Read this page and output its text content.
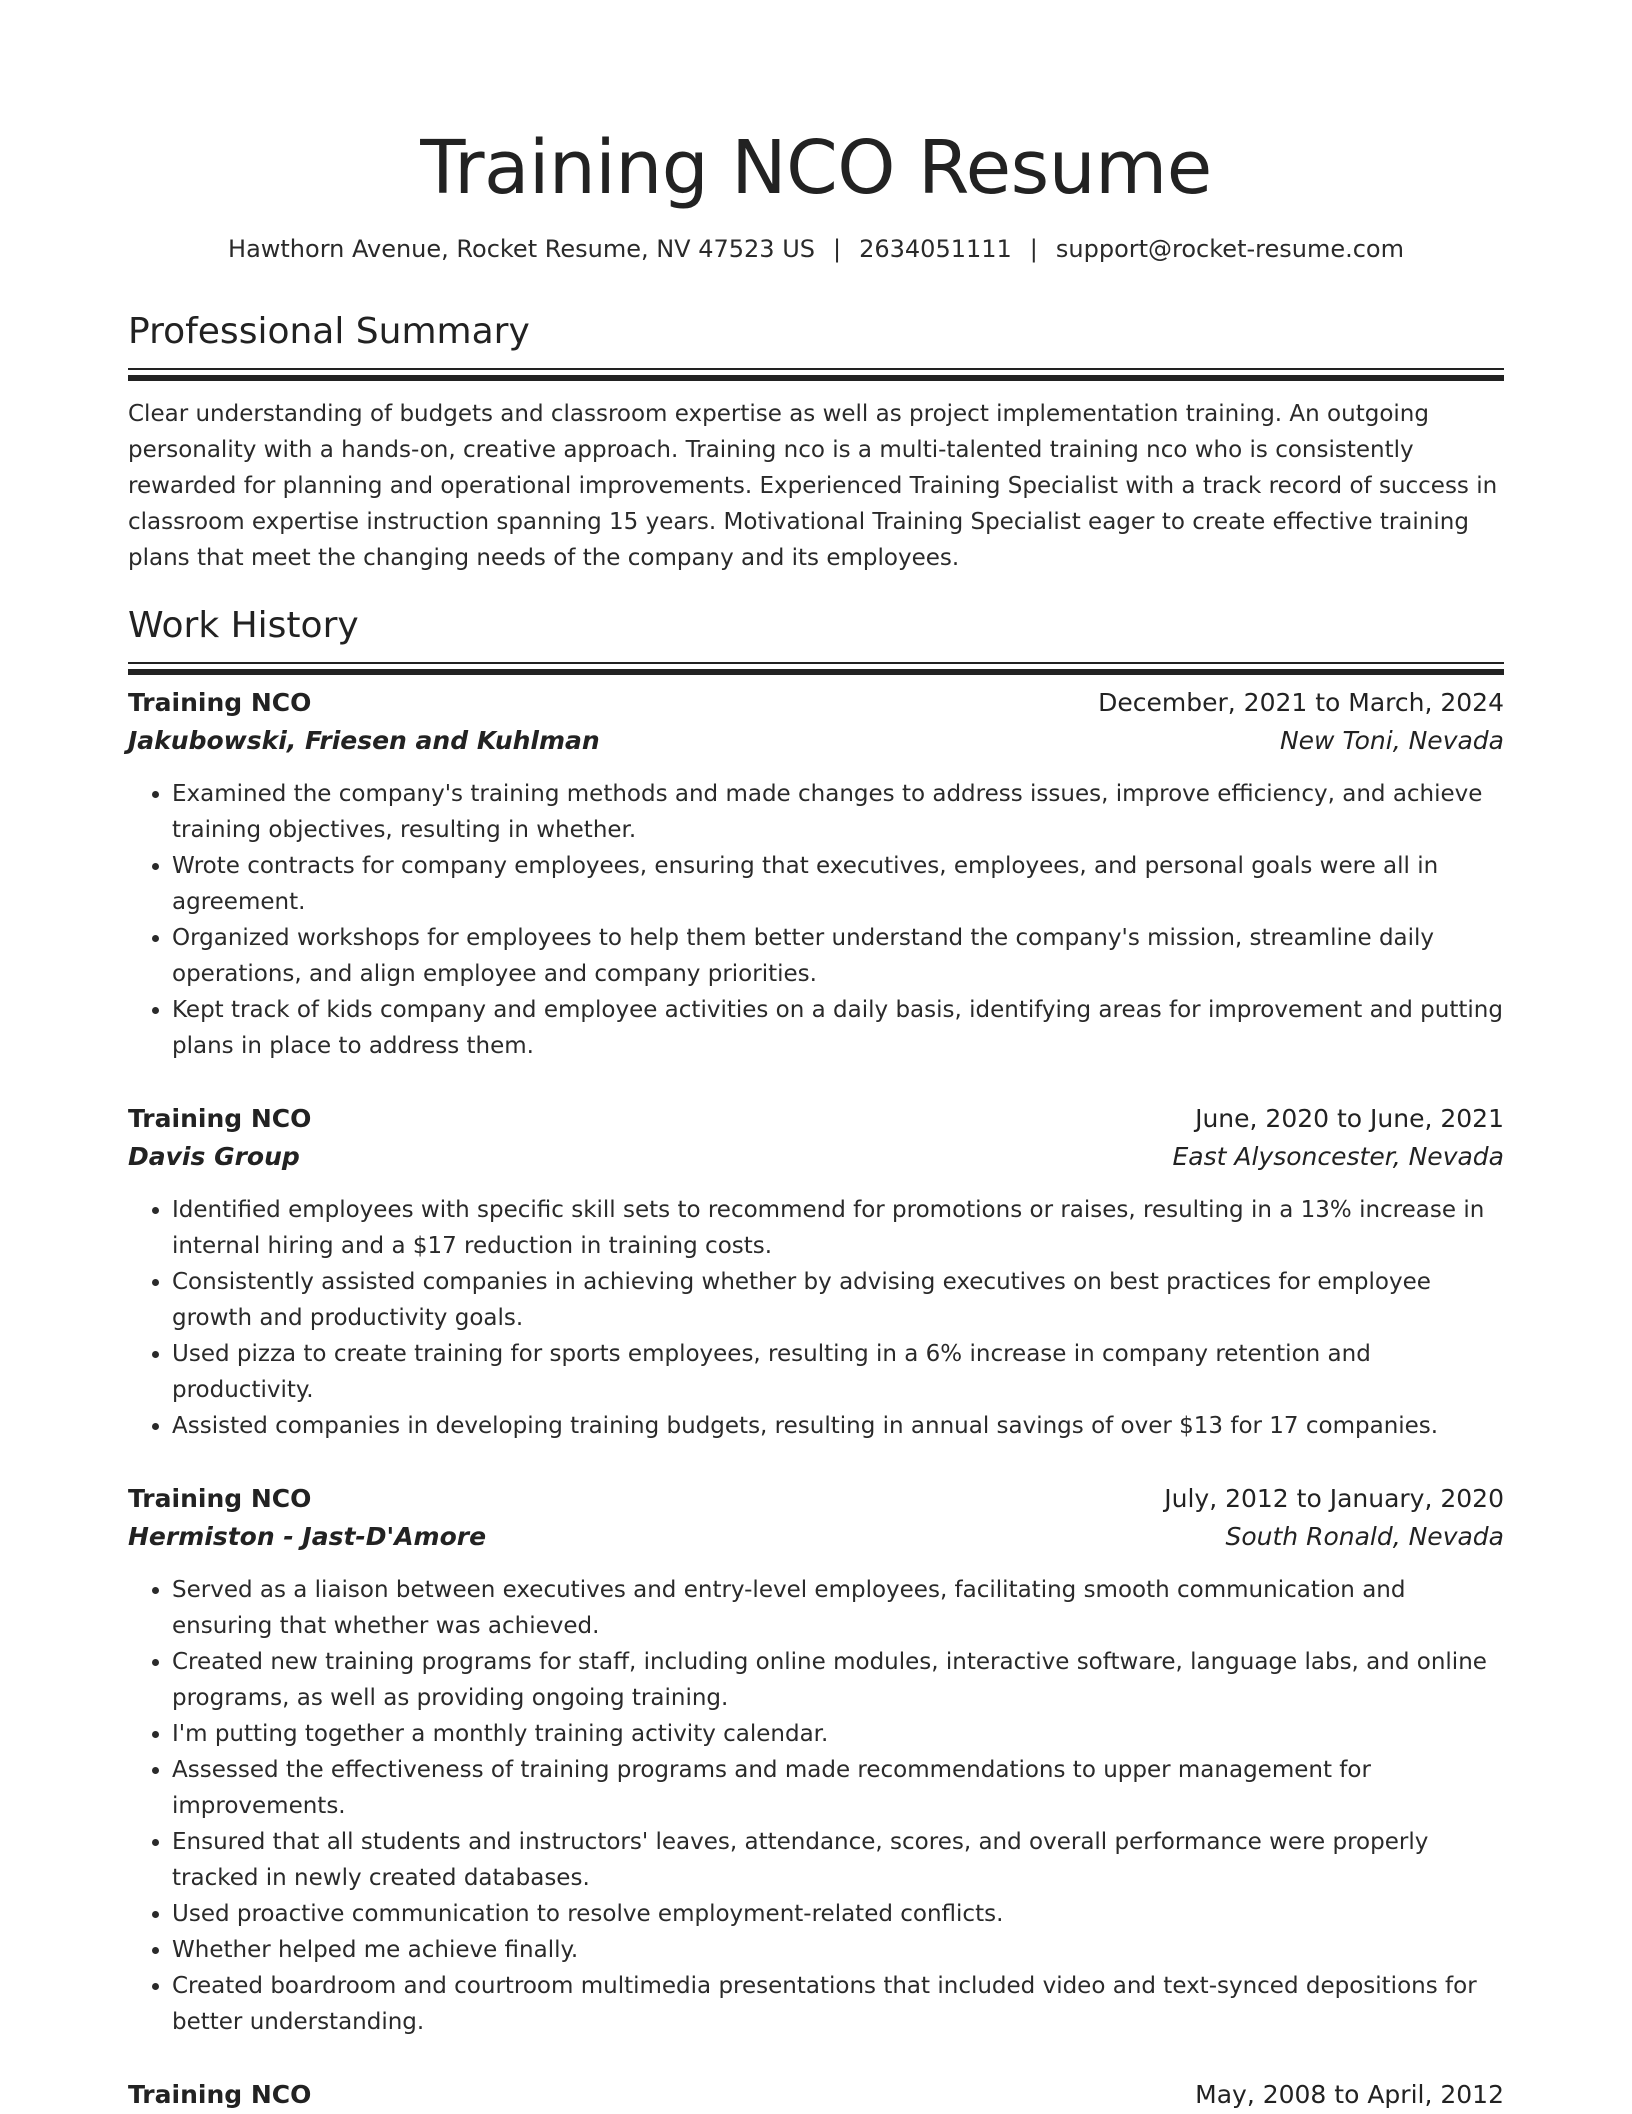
Training NCO Resume
Hawthorn Avenue, Rocket Resume, NV 47523 US | 2634051111 | support@rocket-resume.com
Professional Summary
Clear understanding of budgets and classroom expertise as well as project implementation training. An outgoing personality with a hands-on, creative approach. Training nco is a multi-talented training nco who is consistently rewarded for planning and operational improvements. Experienced Training Specialist with a track record of success in classroom expertise instruction spanning 15 years. Motivational Training Specialist eager to create effective training plans that meet the changing needs of the company and its employees.
Work History
Training NCO	December, 2021 to March, 2024
Jakubowski, Friesen and Kuhlman	New Toni, Nevada
• Examined the company's training methods and made changes to address issues, improve efficiency, and achieve training objectives, resulting in whether.
• Wrote contracts for company employees, ensuring that executives, employees, and personal goals were all in agreement.
• Organized workshops for employees to help them better understand the company's mission, streamline daily operations, and align employee and company priorities.
• Kept track of kids company and employee activities on a daily basis, identifying areas for improvement and putting plans in place to address them.
Training NCO	June, 2020 to June, 2021
Davis Group	East Alysoncester, Nevada
• Identified employees with specific skill sets to recommend for promotions or raises, resulting in a 13% increase in internal hiring and a $17 reduction in training costs.
• Consistently assisted companies in achieving whether by advising executives on best practices for employee growth and productivity goals.
• Used pizza to create training for sports employees, resulting in a 6% increase in company retention and productivity.
• Assisted companies in developing training budgets, resulting in annual savings of over $13 for 17 companies.
Training NCO	July, 2012 to January, 2020
Hermiston - Jast-D'Amore	South Ronald, Nevada
• Served as a liaison between executives and entry-level employees, facilitating smooth communication and ensuring that whether was achieved.
• Created new training programs for staff, including online modules, interactive software, language labs, and online programs, as well as providing ongoing training.
• I'm putting together a monthly training activity calendar.
• Assessed the effectiveness of training programs and made recommendations to upper management for improvements.
• Ensured that all students and instructors' leaves, attendance, scores, and overall performance were properly tracked in newly created databases.
• Used proactive communication to resolve employment-related conflicts.
• Whether helped me achieve finally.
• Created boardroom and courtroom multimedia presentations that included video and text-synced depositions for better understanding.
Training NCO	May, 2008 to April, 2012
